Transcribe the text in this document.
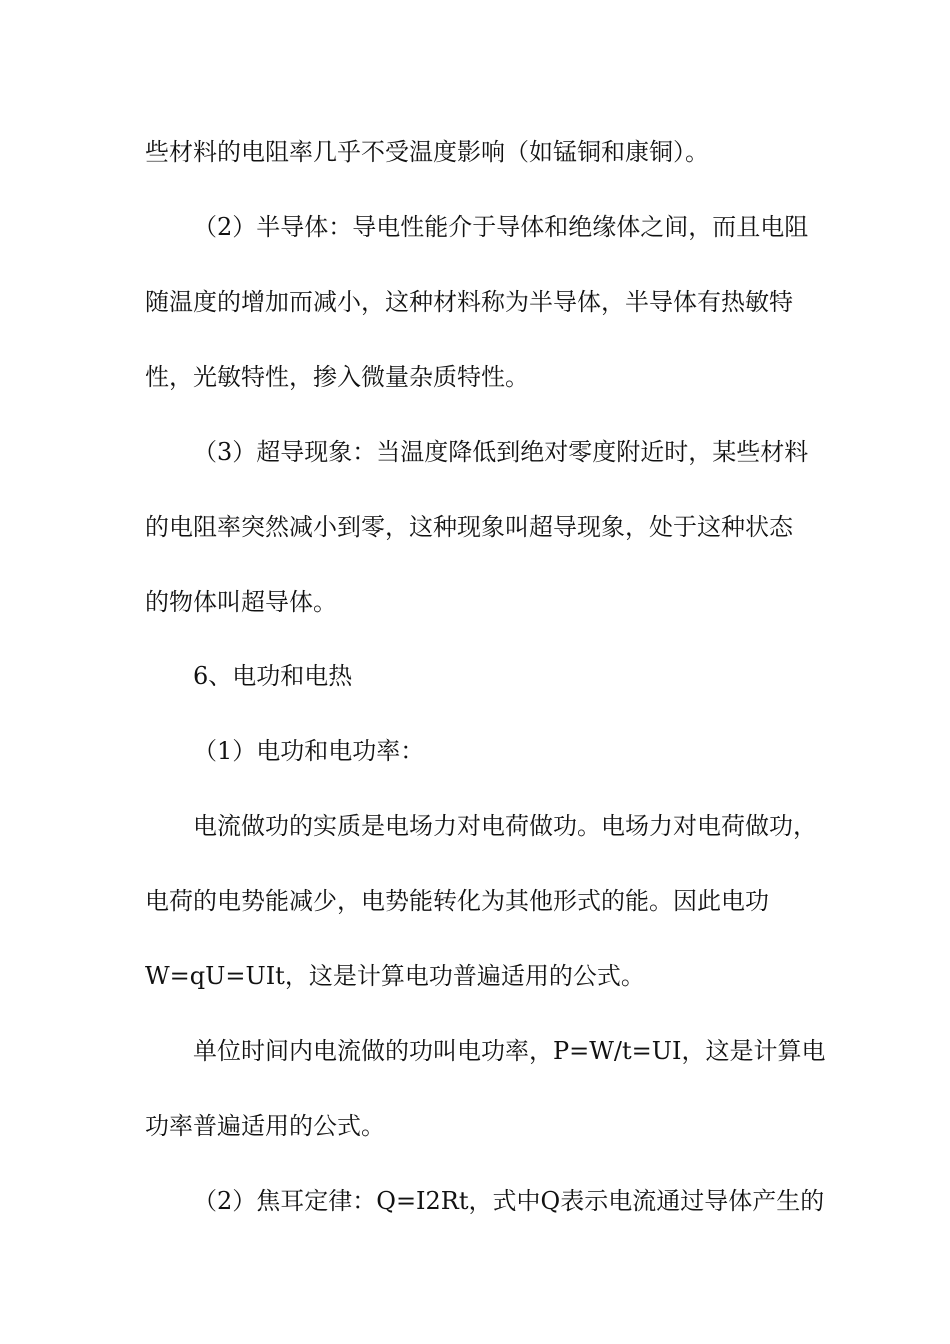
些材料的电阻率几乎不受温度影响（如锰铜和康铜）。
（2）半导体：导电性能介于导体和绝缘体之间，而且电阻
随温度的增加而减小，这种材料称为半导体，半导体有热敏特
性，光敏特性，掺入微量杂质特性。
（3）超导现象：当温度降低到绝对零度附近时，某些材料
的电阻率突然减小到零，这种现象叫超导现象，处于这种状态
的物体叫超导体。
6、电功和电热
（1）电功和电功率：
电流做功的实质是电场力对电荷做功。电场力对电荷做功，
电荷的电势能减少，电势能转化为其他形式的能。因此电功
W=qU=UIt，这是计算电功普遍适用的公式。
单位时间内电流做的功叫电功率，P=W/t=UI，这是计算电
功率普遍适用的公式。
（2）焦耳定律：Q=I2Rt，式中Q表示电流通过导体产生的
